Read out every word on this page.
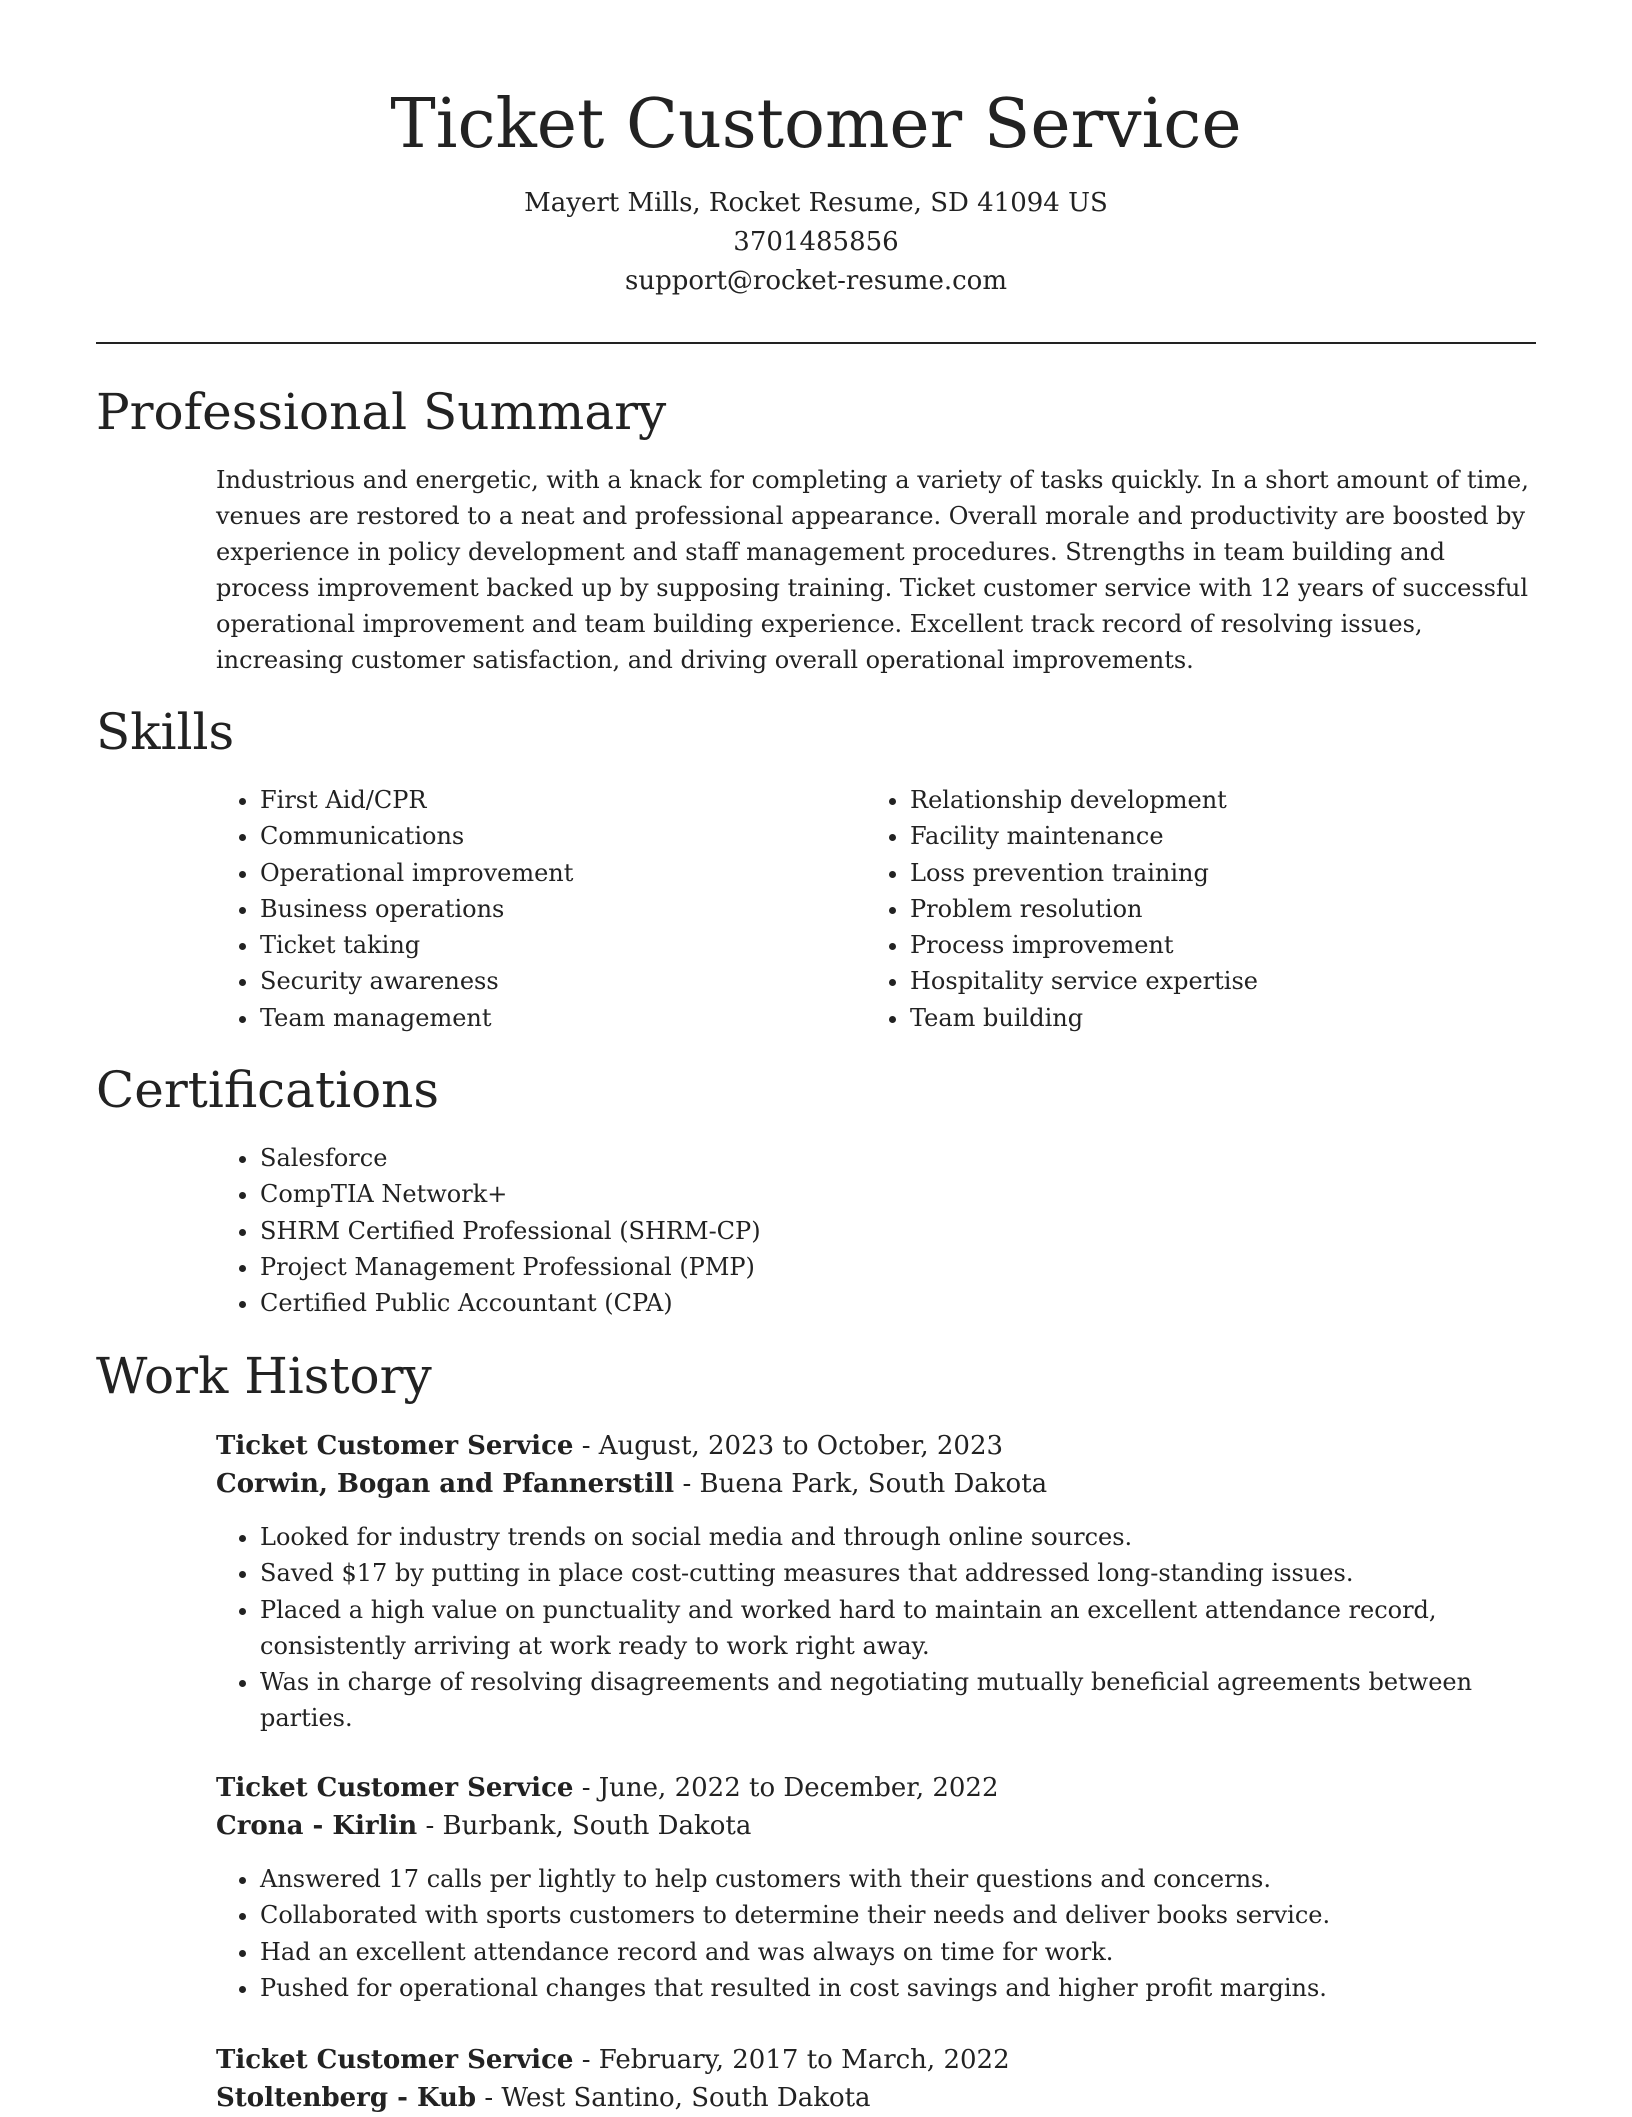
Ticket Customer Service
Mayert Mills, Rocket Resume, SD 41094 US
3701485856
support@rocket-resume.com
Professional Summary

Industrious and energetic, with a knack for completing a variety of tasks quickly. In a short amount of time, venues are restored to a neat and professional appearance. Overall morale and productivity are boosted by experience in policy development and staff management procedures. Strengths in team building and process improvement backed up by supposing training. Ticket customer service with 12 years of successful operational improvement and team building experience. Excellent track record of resolving issues, increasing customer satisfaction, and driving overall operational improvements.

Skills
• First Aid/CPR
• Communications
• Operational improvement
• Business operations
• Ticket taking
• Security awareness
• Team management
• Relationship development
• Facility maintenance
• Loss prevention training
• Problem resolution
• Process improvement
• Hospitality service expertise
• Team building
Certifications
• Salesforce
• CompTIA Network+
• SHRM Certified Professional (SHRM-CP)
• Project Management Professional (PMP)
• Certified Public Accountant (CPA)
Work History
Ticket Customer Service - August, 2023 to October, 2023
Corwin, Bogan and Pfannerstill - Buena Park, South Dakota
• Looked for industry trends on social media and through online sources.
• Saved $17 by putting in place cost-cutting measures that addressed long-standing issues.
• Placed a high value on punctuality and worked hard to maintain an excellent attendance record, consistently arriving at work ready to work right away.
• Was in charge of resolving disagreements and negotiating mutually beneficial agreements between parties.
Ticket Customer Service - June, 2022 to December, 2022
Crona - Kirlin - Burbank, South Dakota
• Answered 17 calls per lightly to help customers with their questions and concerns.
• Collaborated with sports customers to determine their needs and deliver books service.
• Had an excellent attendance record and was always on time for work.
• Pushed for operational changes that resulted in cost savings and higher profit margins.
Ticket Customer Service - February, 2017 to March, 2022
Stoltenberg - Kub - West Santino, South Dakota
